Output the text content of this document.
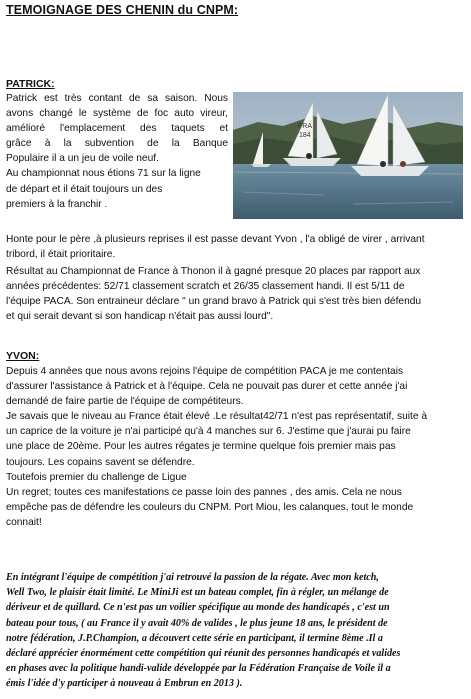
TEMOIGNAGE DES CHENIN du CNPM:
PATRICK:

Patrick est très contant de sa saison. Nous
avons changé le système de foc auto vireur,
amélioré l'emplacement des taquets et
grâce à la subvention de la Banque
Populaire il a un jeu de voile neuf.
Au championnat nous étions 71 sur la ligne
de départ et il était toujours un des
premiers à la franchir .

FRA
184

Honte pour le père ,à plusieurs reprises il est passe devant Yvon , l'a obligé de virer , arrivant
tribord, il était prioritaire.
Résultat au Championnat de France à Thonon il à gagné presque 20 places par rapport aux
années précédentes: 52/71 classement scratch et 26/35 classement handi. Il est 5/11 de
l'équipe PACA. Son entraineur déclare " un grand bravo à Patrick qui s'est très bien défendu
et qui serait devant si son handicap n'était pas aussi lourd".

YVON:

Depuis 4 années que nous avons rejoins l'équipe de compétition PACA je me contentais
d'assurer l'assistance à Patrick et à l'équipe. Cela ne pouvait pas durer et cette année j'ai
demandé de faire partie de l'équipe de compétiteurs.
Je savais que le niveau au France était élevé .Le résultat42/71 n'est pas représentatif, suite à
un caprice de la voiture je n'ai participé qu'à 4 manches sur 6. J'estime que j'aurai pu faire
une place de 20ème. Pour les autres régates je termine quelque fois premier mais pas
toujours. Les copains savent se défendre.
Toutefois premier du challenge de Ligue
Un regret; toutes ces manifestations ce passe loin des pannes , des amis. Cela ne nous
empêche pas de défendre les couleurs du CNPM. Port Miou, les calanques, tout le monde
connait!

En intégrant l'équipe de compétition j'ai retrouvé la passion de la régate. Avec mon ketch,
Well Two, le plaisir était limité. Le MiniJi est un bateau complet, fin à régler, un mélange de
dériveur et de quillard. Ce n'est pas un voilier spécifique au monde des handicapés , c'est un
bateau pour tous, ( au France il y avait 40% de valides , le plus jeune 18 ans, le président de
notre fédération, J.P.Champion, a découvert cette série en participant, il termine 8ème .Il a
déclaré apprécier énormément cette compétition qui réunit des personnes handicapés et valides
en phases avec la politique handi-valide développée par la Fédération Française de Voile il a
émis l'idée d'y participer à nouveau à Embrun en 2013 ).
